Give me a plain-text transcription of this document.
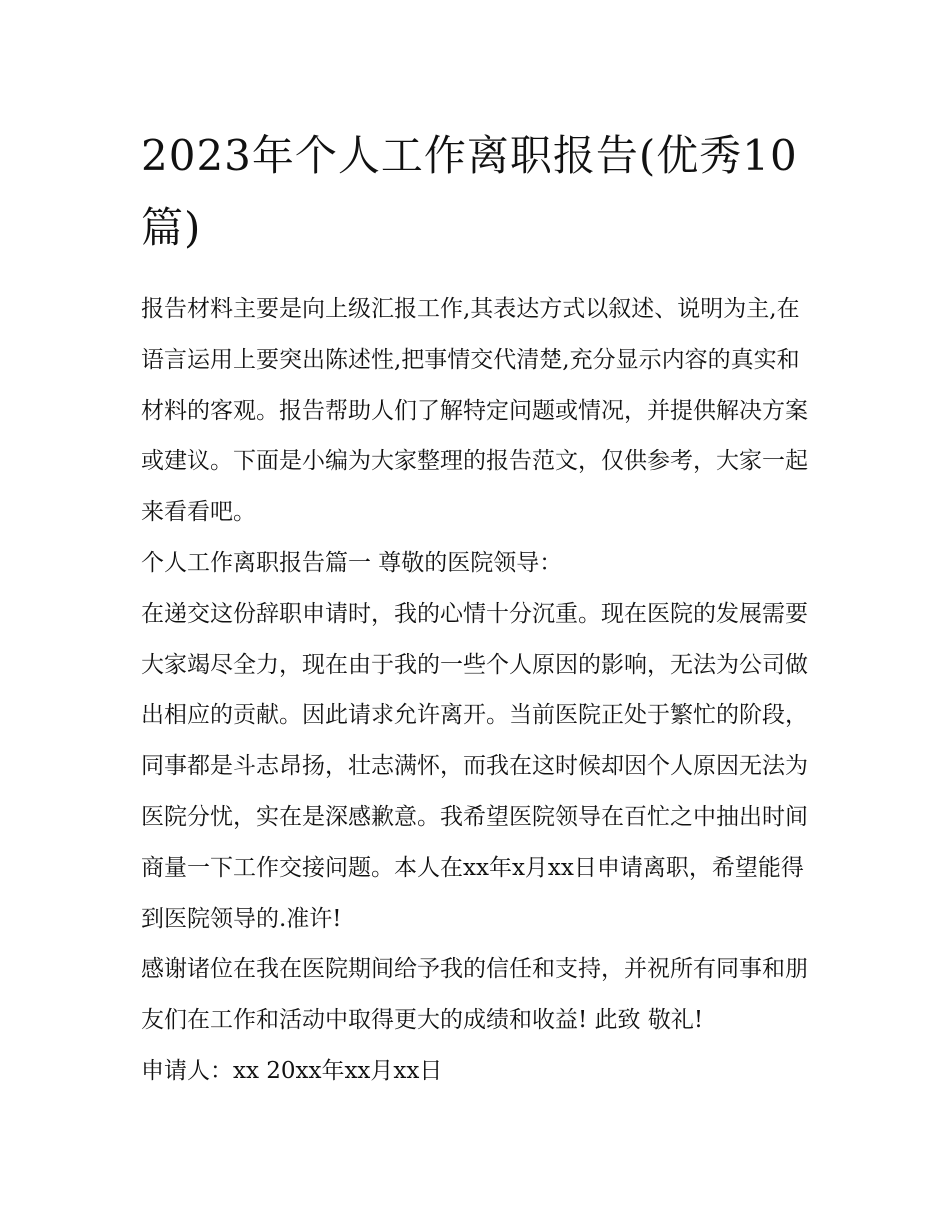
2023年个人工作离职报告(优秀10篇)

报告材料主要是向上级汇报工作,其表达方式以叙述、说明为主,在语言运用上要突出陈述性,把事情交代清楚,充分显示内容的真实和材料的客观。报告帮助人们了解特定问题或情况，并提供解决方案或建议。下面是小编为大家整理的报告范文，仅供参考，大家一起来看看吧。

个人工作离职报告篇一 尊敬的医院领导：

在递交这份辞职申请时，我的心情十分沉重。现在医院的发展需要大家竭尽全力，现在由于我的一些个人原因的影响，无法为公司做出相应的贡献。因此请求允许离开。当前医院正处于繁忙的阶段，同事都是斗志昂扬，壮志满怀，而我在这时候却因个人原因无法为医院分忧，实在是深感歉意。我希望医院领导在百忙之中抽出时间商量一下工作交接问题。本人在xx年x月xx日申请离职，希望能得到医院领导的.准许!

感谢诸位在我在医院期间给予我的信任和支持，并祝所有同事和朋友们在工作和活动中取得更大的成绩和收益! 此致 敬礼!

申请人：xx 20xx年xx月xx日
